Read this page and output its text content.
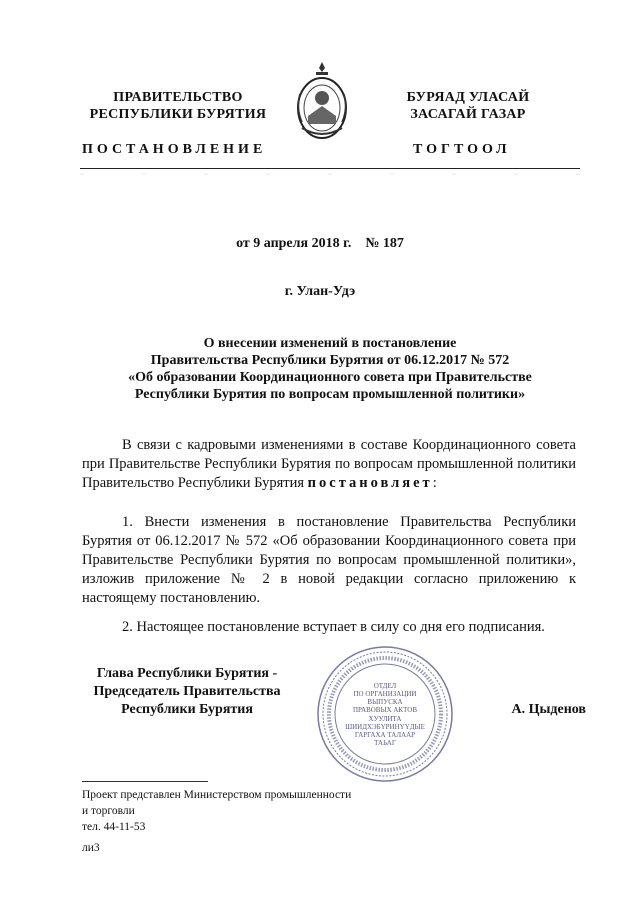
ПРАВИТЕЛЬСТВО
РЕСПУБЛИКИ БУРЯТИЯ
БУРЯАД УЛАСАЙ
ЗАСАГАЙ ГАЗАР
ПОСТАНОВЛЕНИЕ	ТОГТООЛ
··	··	··	··	··	··	··	··	··
от 9 апреля 2018 г.    № 187
г. Улан-Удэ
О внесении изменений в постановление
Правительства Республики Бурятия от 06.12.2017 № 572
«Об образовании Координационного совета при Правительстве
Республики Бурятия по вопросам промышленной политики»
В связи с кадровыми изменениями в составе Координационного совета при Правительстве Республики Бурятия по вопросам промышленной политики Правительство Республики Бурятия постановляет:
1. Внести изменения в постановление Правительства Республики Бурятия от 06.12.2017 № 572 «Об образовании Координационного совета при Правительстве Республики Бурятия по вопросам промышленной политики», изложив приложение № 2 в новой редакции согласно приложению к настоящему постановлению.
2. Настоящее постановление вступает в силу со дня его подписания.
Глава Республики Бурятия -
Председатель Правительства
Республики Бурятия
ОТДЕЛ
ПО ОРГАНИЗАЦИИ
ВЫПУСКА
ПРАВОВЫХ АКТОВ
ХУУЛИТА
ШИИДХЭБҮРИНҮҮДЫЕ
ГАРГАХА ТАЛААР
ТАЬАГ
А. Цыденов
Проект представлен Министерством промышленности
и торговли
тел. 44-11-53
ли3
